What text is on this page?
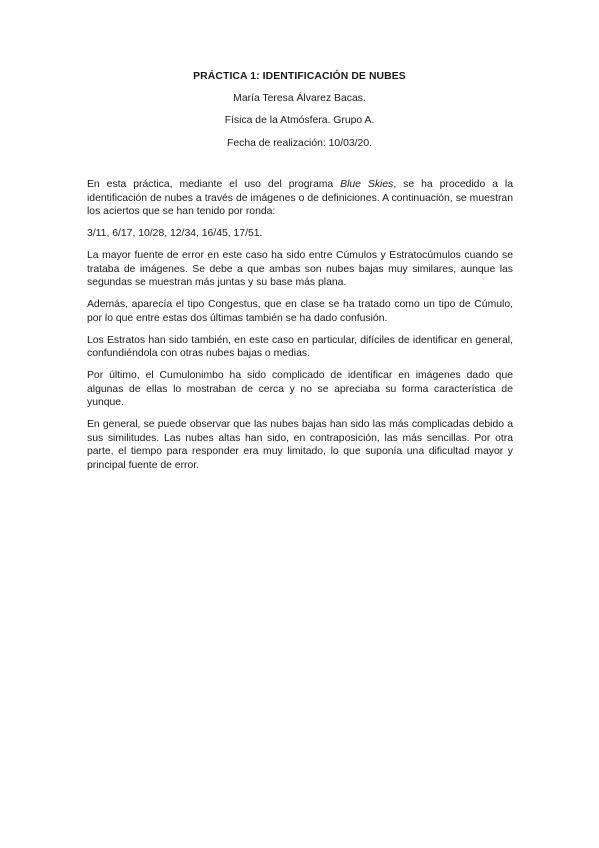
PRÁCTICA 1: IDENTIFICACIÓN DE NUBES
María Teresa Álvarez Bacas.
Física de la Atmósfera. Grupo A.
Fecha de realización: 10/03/20.

En esta práctica, mediante el uso del programa Blue Skies, se ha procedido a la identificación de nubes a través de imágenes o de definiciones. A continuación, se muestran los aciertos que se han tenido por ronda:

3/11, 6/17, 10/28, 12/34, 16/45, 17/51.

La mayor fuente de error en este caso ha sido entre Cúmulos y Estratocúmulos cuando se trataba de imágenes. Se debe a que ambas son nubes bajas muy similares, aunque las segundas se muestran más juntas y su base más plana.

Además, aparecía el tipo Congestus, que en clase se ha tratado como un tipo de Cúmulo, por lo que entre estas dos últimas también se ha dado confusión.

Los Estratos han sido también, en este caso en particular, difíciles de identificar en general, confundiéndola con otras nubes bajas o medias.

Por último, el Cumulonimbo ha sido complicado de identificar en imágenes dado que algunas de ellas lo mostraban de cerca y no se apreciaba su forma característica de yunque.

En general, se puede observar que las nubes bajas han sido las más complicadas debido a sus similitudes. Las nubes altas han sido, en contraposición, las más sencillas. Por otra parte, el tiempo para responder era muy limitado, lo que suponía una dificultad mayor y principal fuente de error.
